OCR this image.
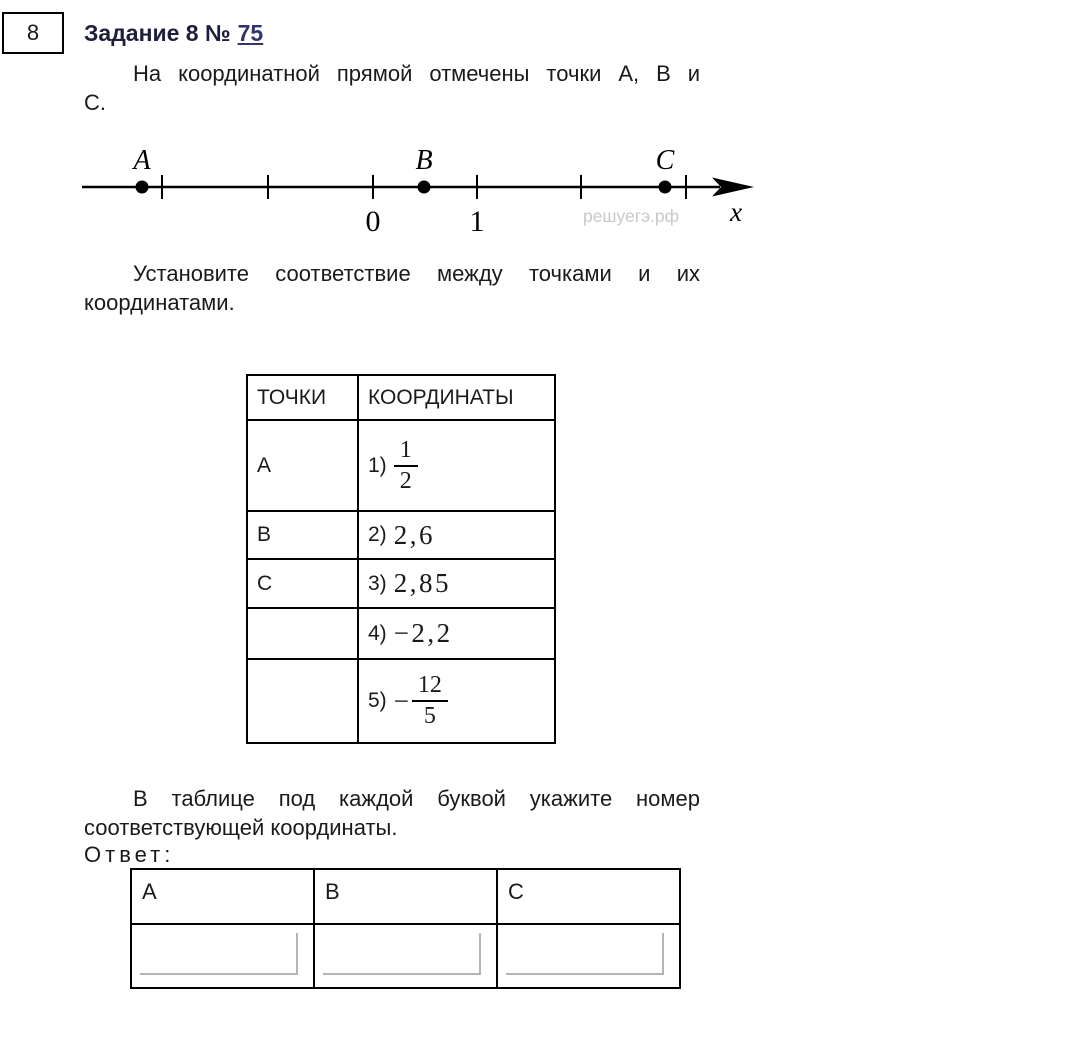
8 Задание 8 № 75
На координатной прямой отмечены точки A, B и
С.
A	B	C
0	1	решуегэ.рф x
Установите соответствие между точками и их
координатами.
ТОЧКИ	КООРДИНАТЫ
A	$1) \frac{1}{2}$

B	2) 2,6

C	3) 2,85

	4) −2,2

	$5) - \frac{12}{5}$
В таблице под каждой буквой укажите номер
соответствующей координаты.
Ответ:
A	B	C
